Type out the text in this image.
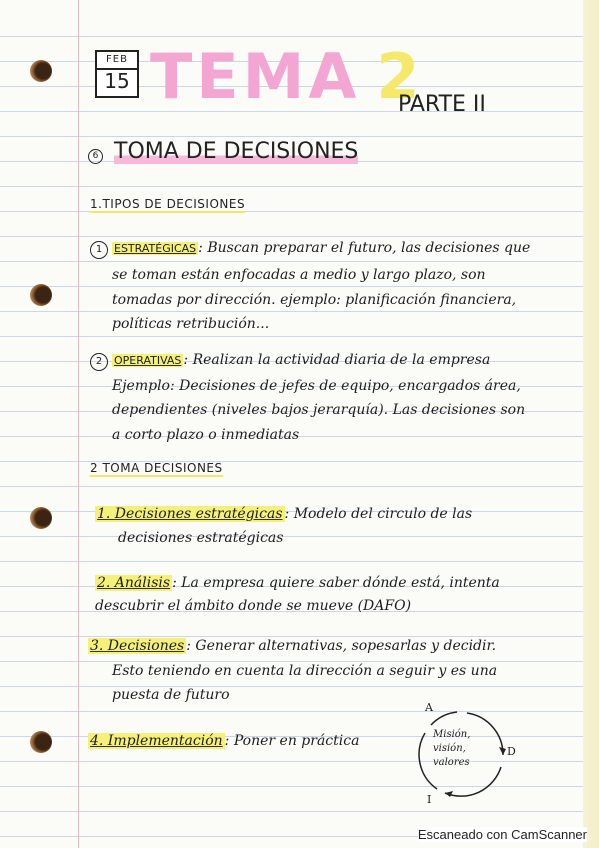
FEB
15 TEMA 2
PARTE II
6 TOMA DE DECISIONES
1.TIPOS DE DECISIONES
1 ESTRATÉGICAS : Buscan preparar el futuro, las decisiones que
se toman están enfocadas a medio y largo plazo, son
tomadas por dirección. ejemplo: planificación financiera,
políticas retribución...
2 OPERATIVAS : Realizan la actividad diaria de la empresa
Ejemplo: Decisiones de jefes de equipo, encargados área,
dependientes (niveles bajos jerarquía). Las decisiones son
a corto plazo o inmediatas
2 TOMA DECISIONES
1. Decisiones estratégicas : Modelo del circulo de las
decisiones estratégicas
2. Análisis : La empresa quiere saber dónde está, intenta
descubrir el ámbito donde se mueve (DAFO)
3. Decisiones : Generar alternativas, sopesarlas y decidir.
Esto teniendo en cuenta la dirección a seguir y es una
puesta de futuro
4. Implementación : Poner en práctica
A
D
I
Misión,
visión,
valores
Escaneado con CamScanner
